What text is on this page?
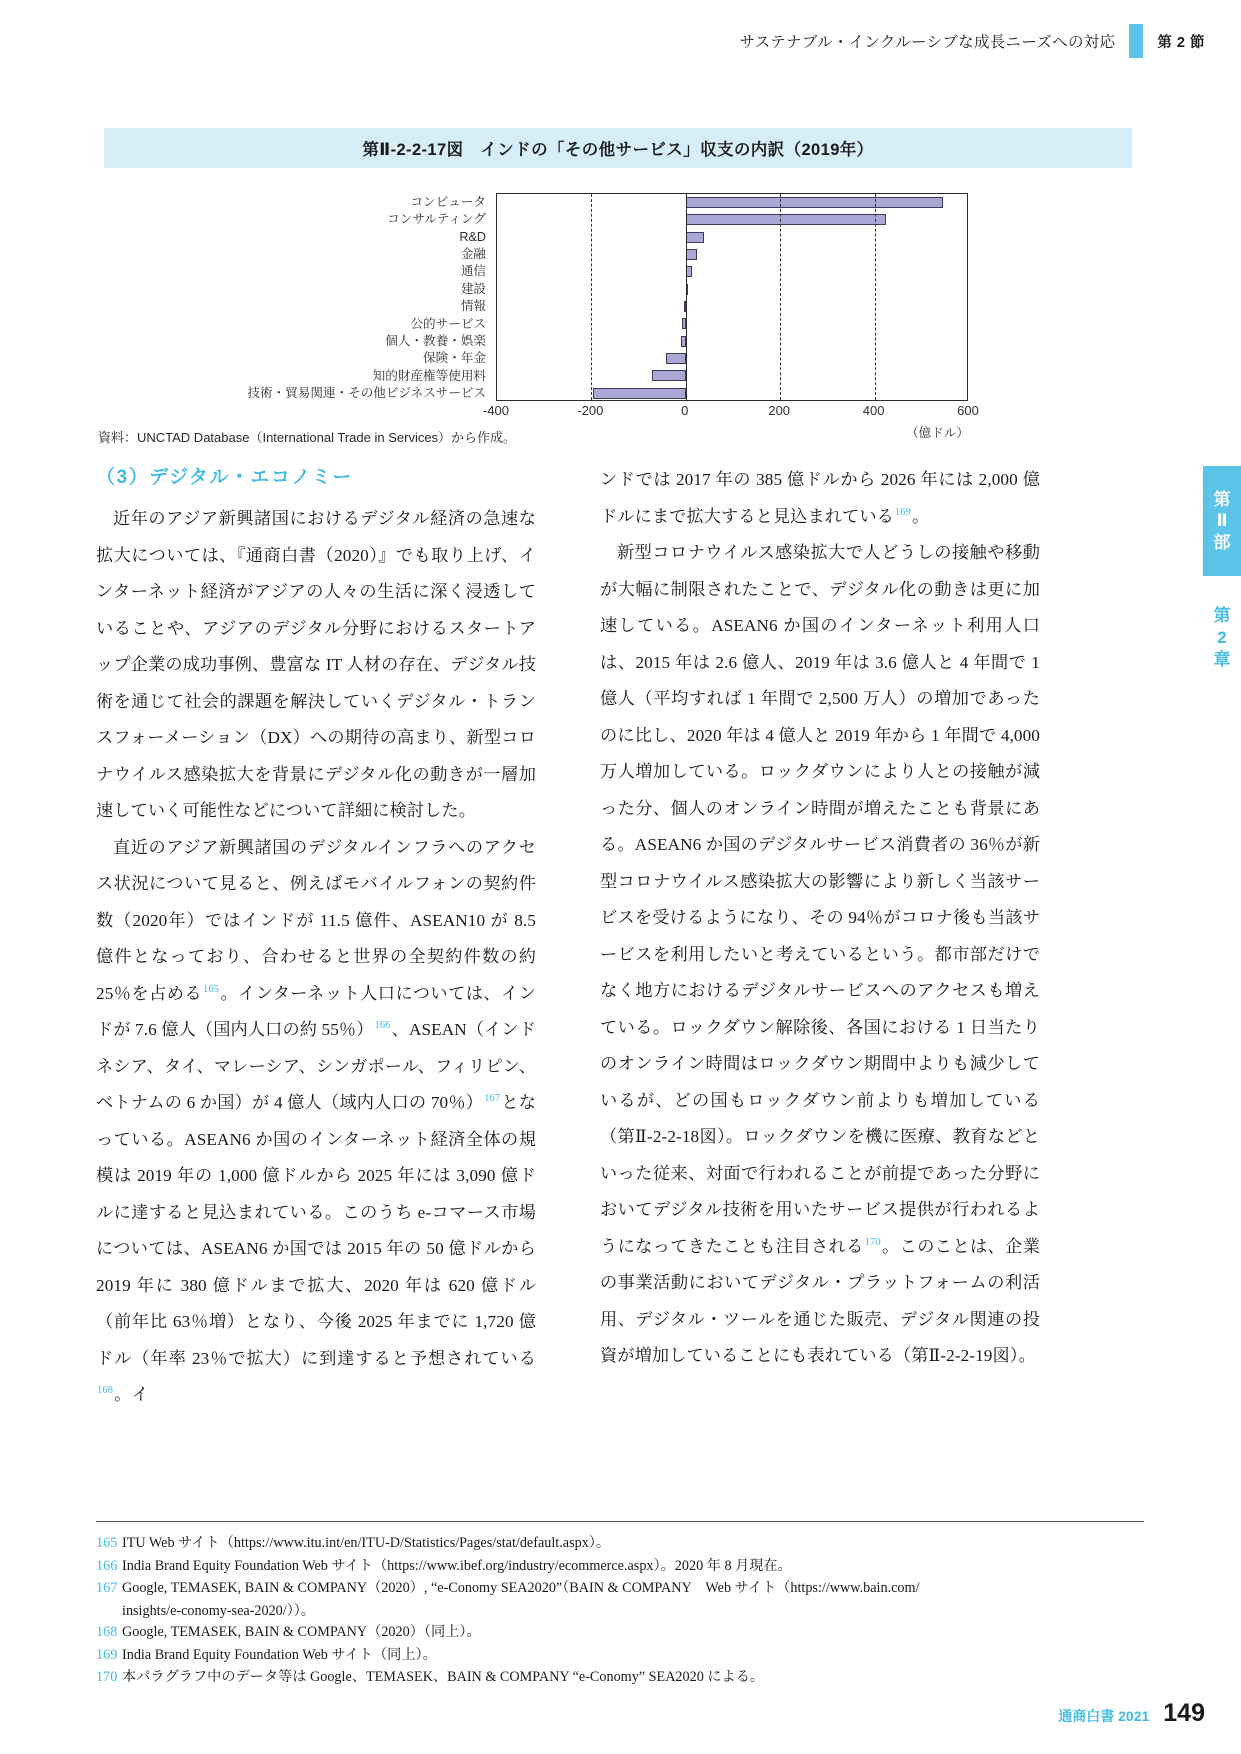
サステナブル・インクルーシブな成長ニーズへの対応	第 2 節
第Ⅱ-2-2-17図　インドの「その他サービス」収支の内訳（2019年）
コンピュータ
コンサルティング
R&D
金融
通信
建設
情報
公的サービス
個人・教養・娯楽
保険・年金
知的財産権等使用料
技術・貿易関連・その他ビジネスサービス
-400	-200	0	200	400	600
（億ドル）
資料：UNCTAD Database（International Trade in Services）から作成。
（3）デジタル・エコノミー

近年のアジア新興諸国におけるデジタル経済の急速な拡大については、『通商白書（2020）』でも取り上げ、インターネット経済がアジアの人々の生活に深く浸透していることや、アジアのデジタル分野におけるスタートアップ企業の成功事例、豊富な IT 人材の存在、デジタル技術を通じて社会的課題を解決していくデジタル・トランスフォーメーション（DX）への期待の高まり、新型コロナウイルス感染拡大を背景にデジタル化の動きが一層加速していく可能性などについて詳細に検討した。

直近のアジア新興諸国のデジタルインフラへのアクセス状況について見ると、例えばモバイルフォンの契約件数（2020年）ではインドが 11.5 億件、ASEAN10 が 8.5 億件となっており、合わせると世界の全契約件数の約 25％を占める$^{165}$。インターネット人口については、インドが 7.6 億人（国内人口の約 55％）$^{166}$、ASEAN（インドネシア、タイ、マレーシア、シンガポール、フィリピン、ベトナムの 6 か国）が 4 億人（域内人口の 70％）$^{167}$となっている。ASEAN6 か国のインターネット経済全体の規模は 2019 年の 1,000 億ドルから 2025 年には 3,090 億ドルに達すると見込まれている。このうち e-コマース市場については、ASEAN6 か国では 2015 年の 50 億ドルから 2019 年に 380 億ドルまで拡大、2020 年は 620 億ドル（前年比 63％増）となり、今後 2025 年までに 1,720 億ドル（年率 23％で拡大）に到達すると予想されている$^{168}$。イ

ンドでは 2017 年の 385 億ドルから 2026 年には 2,000 億ドルにまで拡大すると見込まれている$^{169}$。

新型コロナウイルス感染拡大で人どうしの接触や移動が大幅に制限されたことで、デジタル化の動きは更に加速している。ASEAN6 か国のインターネット利用人口は、2015 年は 2.6 億人、2019 年は 3.6 億人と 4 年間で 1 億人（平均すれば 1 年間で 2,500 万人）の増加であったのに比し、2020 年は 4 億人と 2019 年から 1 年間で 4,000 万人増加している。ロックダウンにより人との接触が減った分、個人のオンライン時間が増えたことも背景にある。ASEAN6 か国のデジタルサービス消費者の 36％が新型コロナウイルス感染拡大の影響により新しく当該サービスを受けるようになり、その 94％がコロナ後も当該サービスを利用したいと考えているという。都市部だけでなく地方におけるデジタルサービスへのアクセスも増えている。ロックダウン解除後、各国における 1 日当たりのオンライン時間はロックダウン期間中よりも減少しているが、どの国もロックダウン前よりも増加している（第Ⅱ-2-2-18図）。ロックダウンを機に医療、教育などといった従来、対面で行われることが前提であった分野においてデジタル技術を用いたサービス提供が行われるようになってきたことも注目される$^{170}$。このことは、企業の事業活動においてデジタル・プラットフォームの利活用、デジタル・ツールを通じた販売、デジタル関連の投資が増加していることにも表れている（第Ⅱ-2-2-19図）。

第
Ⅱ
部
第
2
章
165 ITU Web サイト（https://www.itu.int/en/ITU-D/Statistics/Pages/stat/default.aspx）。
166 India Brand Equity Foundation Web サイト（https://www.ibef.org/industry/ecommerce.aspx）。2020 年 8 月現在。
167 Google, TEMASEK, BAIN & COMPANY（2020）, “e-Conomy SEA2020”（BAIN & COMPANY　Web サイト（https://www.bain.com/
insights/e-conomy-sea-2020/））。
168 Google, TEMASEK, BAIN & COMPANY（2020）（同上）。
169 India Brand Equity Foundation Web サイト（同上）。
170 本パラグラフ中のデータ等は Google、TEMASEK、BAIN & COMPANY “e-Conomy” SEA2020 による。
通商白書 2021 149
